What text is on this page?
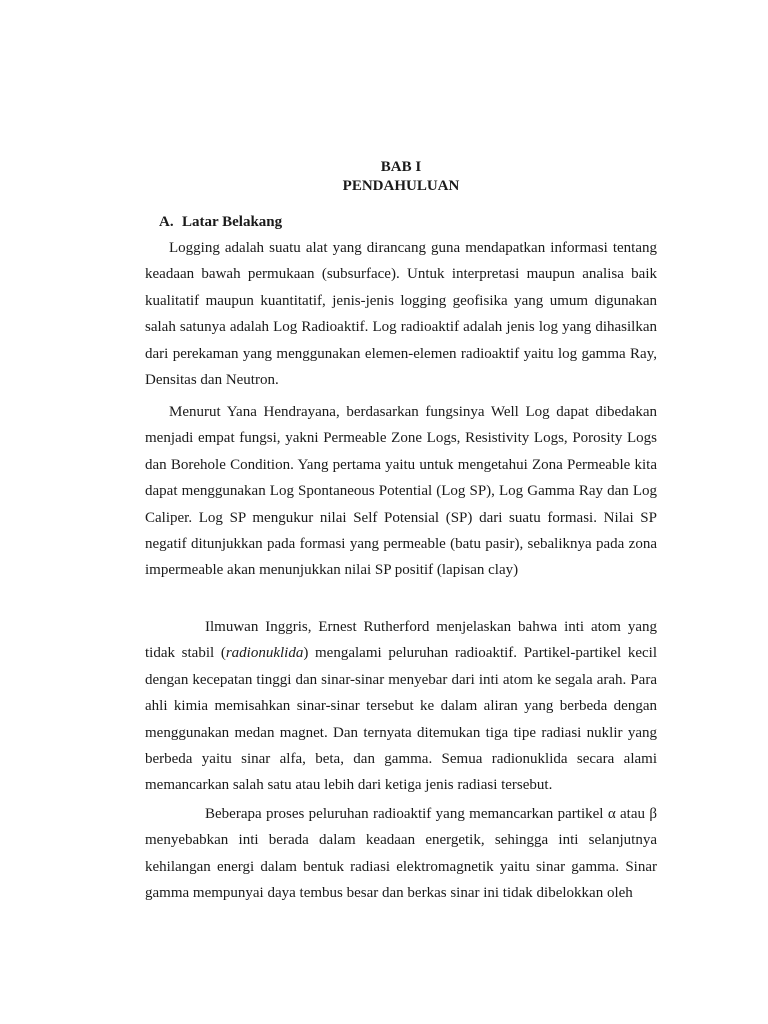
BAB I
PENDAHULUAN
A. Latar Belakang

Logging adalah suatu alat yang dirancang guna mendapatkan informasi tentang keadaan bawah permukaan (subsurface). Untuk interpretasi maupun analisa baik kualitatif maupun kuantitatif, jenis-jenis logging geofisika yang umum digunakan salah satunya adalah Log Radioaktif. Log radioaktif adalah jenis log yang dihasilkan dari perekaman yang menggunakan elemen-elemen radioaktif yaitu log gamma Ray, Densitas dan Neutron.

Menurut Yana Hendrayana, berdasarkan fungsinya Well Log dapat dibedakan menjadi empat fungsi, yakni Permeable Zone Logs, Resistivity Logs, Porosity Logs dan Borehole Condition. Yang pertama yaitu untuk mengetahui Zona Permeable kita dapat menggunakan Log Spontaneous Potential (Log SP), Log Gamma Ray dan Log Caliper. Log SP mengukur nilai Self Potensial (SP) dari suatu formasi. Nilai SP negatif ditunjukkan pada formasi yang permeable (batu pasir), sebaliknya pada zona impermeable akan menunjukkan nilai SP positif (lapisan clay)

Ilmuwan Inggris, Ernest Rutherford menjelaskan bahwa inti atom yang tidak stabil (radionuklida) mengalami peluruhan radioaktif. Partikel-partikel kecil dengan kecepatan tinggi dan sinar-sinar menyebar dari inti atom ke segala arah. Para ahli kimia memisahkan sinar-sinar tersebut ke dalam aliran yang berbeda dengan menggunakan medan magnet. Dan ternyata ditemukan tiga tipe radiasi nuklir yang berbeda yaitu sinar alfa, beta, dan gamma. Semua radionuklida secara alami memancarkan salah satu atau lebih dari ketiga jenis radiasi tersebut.

Beberapa proses peluruhan radioaktif yang memancarkan partikel α atau β menyebabkan inti berada dalam keadaan energetik, sehingga inti selanjutnya kehilangan energi dalam bentuk radiasi elektromagnetik yaitu sinar gamma. Sinar gamma mempunyai daya tembus besar dan berkas sinar ini tidak dibelokkan oleh
